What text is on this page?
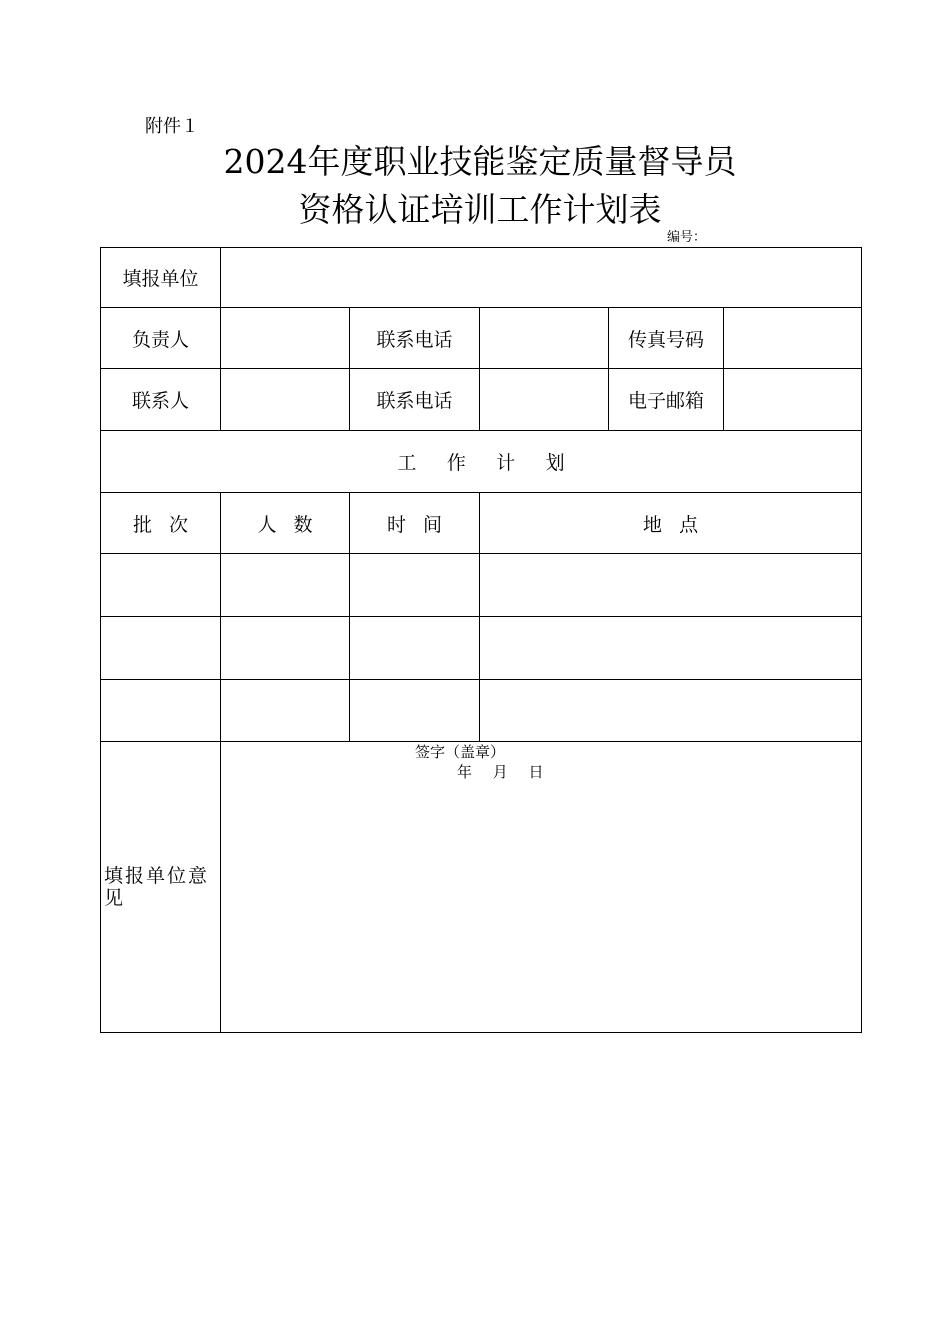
附件１
2024年度职业技能鉴定质量督导员
资格认证培训工作计划表
编号：
填报单位					
负责人		联系电话		传真号码	
联系人		联系电话		电子邮箱	
工作计划					
批次	人数	时间	地点		

填报单位意见	签字（盖章）
年 月 日				
